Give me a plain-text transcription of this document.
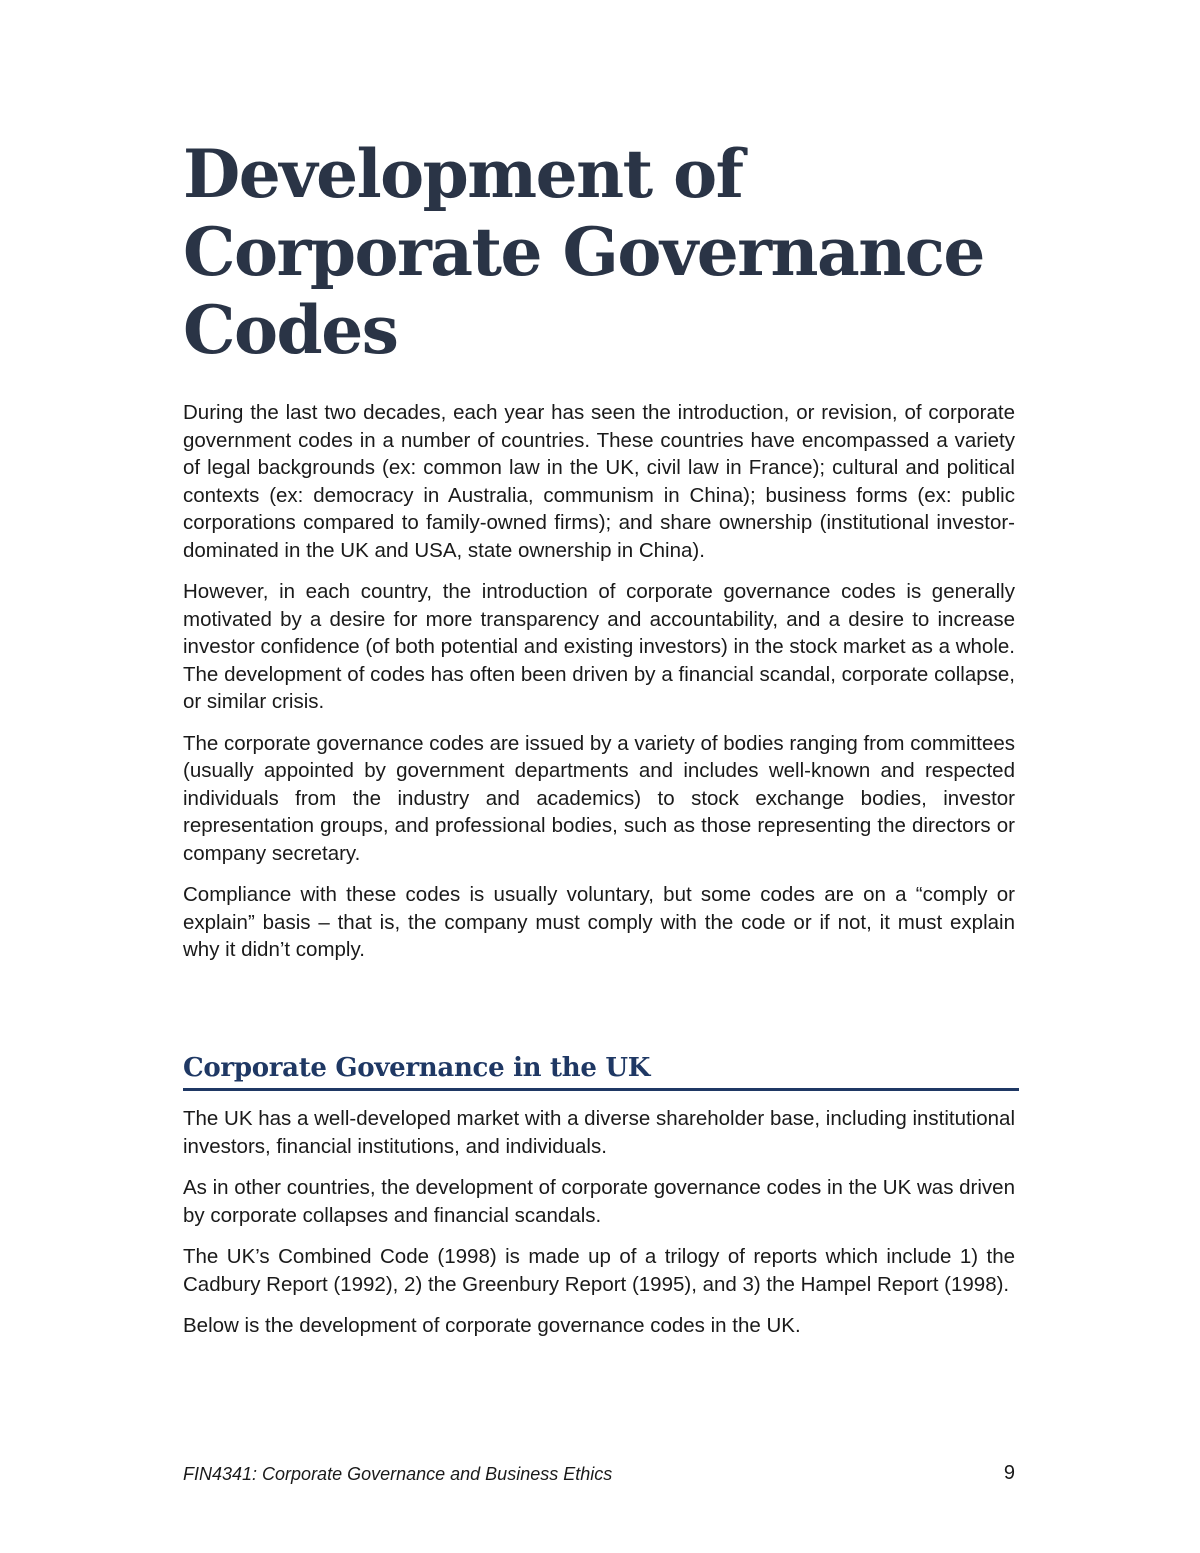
Development of
Corporate Governance
Codes

During the last two decades, each year has seen the introduction, or revision, of corporate government codes in a number of countries. These countries have encompassed a variety of legal backgrounds (ex: common law in the UK, civil law in France); cultural and political contexts (ex: democracy in Australia, communism in China); business forms (ex: public corporations compared to family-owned firms); and share ownership (institutional investor-dominated in the UK and USA, state ownership in China).

However, in each country, the introduction of corporate governance codes is generally motivated by a desire for more transparency and accountability, and a desire to increase investor confidence (of both potential and existing investors) in the stock market as a whole. The development of codes has often been driven by a financial scandal, corporate collapse, or similar crisis.

The corporate governance codes are issued by a variety of bodies ranging from committees (usually appointed by government departments and includes well-known and respected individuals from the industry and academics) to stock exchange bodies, investor representation groups, and professional bodies, such as those representing the directors or company secretary.

Compliance with these codes is usually voluntary, but some codes are on a “comply or explain” basis – that is, the company must comply with the code or if not, it must explain why it didn’t comply.

Corporate Governance in the UK

The UK has a well-developed market with a diverse shareholder base, including institutional investors, financial institutions, and individuals.

As in other countries, the development of corporate governance codes in the UK was driven by corporate collapses and financial scandals.

The UK’s Combined Code (1998) is made up of a trilogy of reports which include 1) the Cadbury Report (1992), 2) the Greenbury Report (1995), and 3) the Hampel Report (1998).

Below is the development of corporate governance codes in the UK.

FIN4341: Corporate Governance and Business Ethics	9
